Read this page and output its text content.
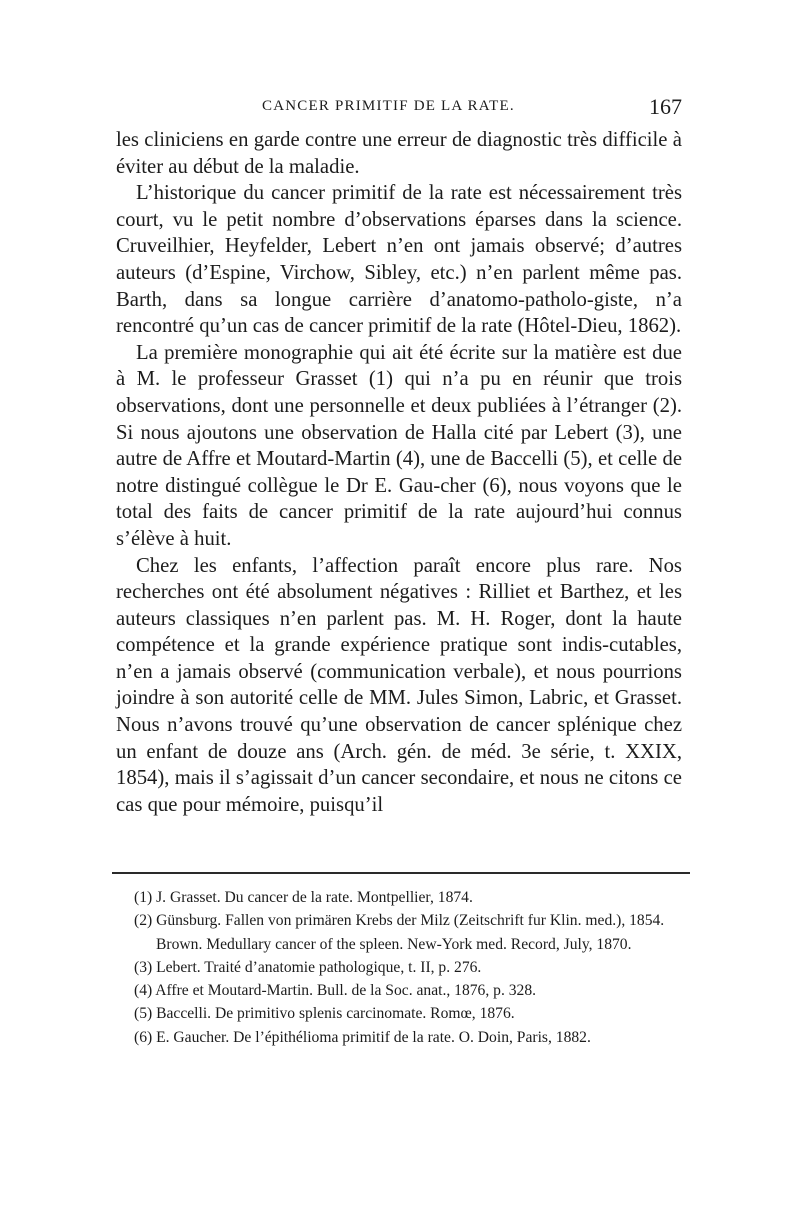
CANCER PRIMITIF DE LA RATE.	167

les cliniciens en garde contre une erreur de diagnostic très difficile à éviter au début de la maladie.

L’historique du cancer primitif de la rate est nécessairement très court, vu le petit nombre d’observations éparses dans la science. Cruveilhier, Heyfelder, Lebert n’en ont jamais observé; d’autres auteurs (d’Espine, Virchow, Sibley, etc.) n’en parlent même pas. Barth, dans sa longue carrière d’anatomo-patholo-giste, n’a rencontré qu’un cas de cancer primitif de la rate (Hôtel-Dieu, 1862).

La première monographie qui ait été écrite sur la matière est due à M. le professeur Grasset (1) qui n’a pu en réunir que trois observations, dont une personnelle et deux publiées à l’étranger (2). Si nous ajoutons une observation de Halla cité par Lebert (3), une autre de Affre et Moutard-Martin (4), une de Baccelli (5), et celle de notre distingué collègue le Dr E. Gau-cher (6), nous voyons que le total des faits de cancer primitif de la rate aujourd’hui connus s’élève à huit.

Chez les enfants, l’affection paraît encore plus rare. Nos recherches ont été absolument négatives : Rilliet et Barthez, et les auteurs classiques n’en parlent pas. M. H. Roger, dont la haute compétence et la grande expérience pratique sont indis-cutables, n’en a jamais observé (communication verbale), et nous pourrions joindre à son autorité celle de MM. Jules Simon, Labric, et Grasset. Nous n’avons trouvé qu’une observation de cancer splénique chez un enfant de douze ans (Arch. gén. de méd. 3e série, t. XXIX, 1854), mais il s’agissait d’un cancer secondaire, et nous ne citons ce cas que pour mémoire, puisqu’il

(1) J. Grasset. Du cancer de la rate. Montpellier, 1874.

(2) Günsburg. Fallen von primären Krebs der Milz (Zeitschrift fur Klin. med.), 1854.

Brown. Medullary cancer of the spleen. New-York med. Record, July, 1870.

(3) Lebert. Traité d’anatomie pathologique, t. II, p. 276.

(4) Affre et Moutard-Martin. Bull. de la Soc. anat., 1876, p. 328.

(5) Baccelli. De primitivo splenis carcinomate. Romœ, 1876.

(6) E. Gaucher. De l’épithélioma primitif de la rate. O. Doin, Paris, 1882.
